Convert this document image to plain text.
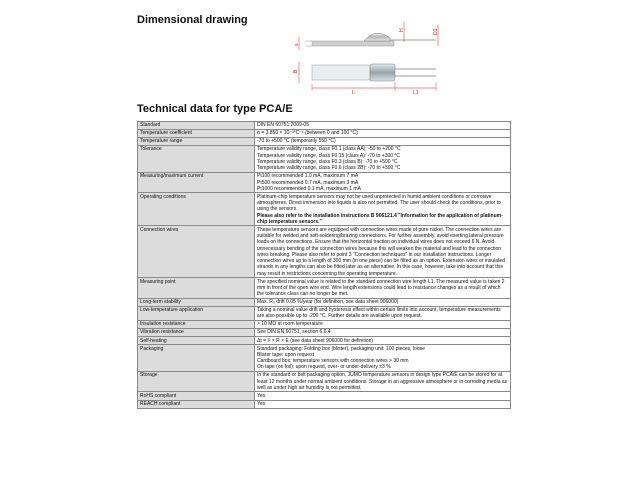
Dimensional drawing
s
H	D1
B
L	L1
Technical data for type PCA/E
Standard	DIN EN 60751:2009-05

Temperature coefficient	α = 3.850 × 10⁻³°C⁻¹ (between 0 and 100 °C)

Temperature range	-70 to +500 °C (temporarily 550 °C)

Tolerance	Temperature validity range, class F0.1 (class AA): -50 to +200 °C
Temperature validity range, class F0.15 (class A): -70 to +300 °C
Temperature validity range, class F0.3 (class B): -70 to +500 °C
Temperature validity range, class F0.6 (class 2B): -70 to +500 °C

Measuring/maximum current	Pt100 recommended 1.0 mA, maximum 7 mA
Pt500 recommended 0.7 mA, maximum 3 mA
Pt1000 recommended 0.1 mA, maximum 1 mA

Operating conditions	Platinum-chip temperature sensors may not be used unprotected in humid ambient conditions or corrosive atmospheres. Direct immersion into liquids is also not permitted. The user should check the conditions, prior to using the sensors.
Please also refer to the installation instructions B 906121.4 "Information for the application of platinum-chip temperature sensors."

Connection wires	These temperature sensors are equipped with connection wires made of pure nickel. The connection wires are suitable for welded and soft-soldering/brazing connections. For further assembly, avoid exerting lateral pressure loads on the connections. Ensure that the horizontal traction on individual wires does not exceed 6 N. Avoid unnecessary bending of the connection wires because this will weaken the material and lead to the connection wires breaking. Please also refer to point 3 "Connection techniques" in our installation instructions. Longer connection wires up to a length of 300 mm (in one piece) can be fitted as an option. Extension wires or insulated strands in any lengths can also be fitted later as an alternative. In this case, however, take into account that this may result in restrictions concerning the operating temperature.

Measuring point	The specified nominal value is related to the standard connection wire length L1. The measured value is taken 2 mm in front of the open wire end. Wire length extensions could lead to resistance changes as a result of which the tolerance class can no longer be met.

Long-term stability	Max. R₀ drift 0.05 %/year (for definition, see data sheet 906000)

Low-temperature application	Taking a nominal value drift and hysteresis effect within certain limits into account, temperature measurements are also possible up to -200 °C. Further details are available upon request.

Insulation resistance	> 10 MΩ at room temperature

Vibration resistance	See DIN EN 60751, section 6.6.4

Self-heating	Δt = I² × R × E (see data sheet 906000 for definition)

Packaging	Standard packaging: Folding box (blister), packaging unit: 100 pieces, loose
Blister tape: upon request
Cardboard box: temperature sensors with connection wires > 30 mm
On tape (on foil): upon request, over- or under-delivery ±3 %

Storage	In the standard or belt packaging option, JUMO temperature sensors in design type PCA/E can be stored for at least 12 months under normal ambient conditions. Storage in an aggressive atmosphere or in corroding media as well as under high air humidity is not permitted.

RoHS compliant	Yes

REACH compliant	Yes
